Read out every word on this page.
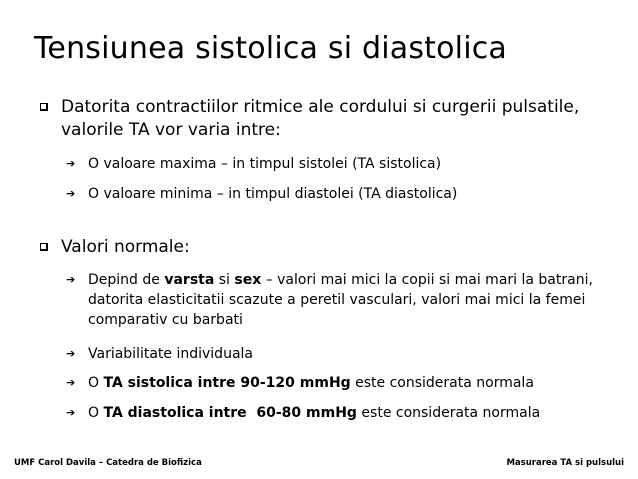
Tensiunea sistolica si diastolica
Datorita contractiilor ritmice ale cordului si curgerii pulsatile, valorile TA vor varia intre:
➔ O valoare maxima – in timpul sistolei (TA sistolica)
➔ O valoare minima – in timpul diastolei (TA diastolica)
Valori normale:
➔ Depind de varsta si sex – valori mai mici la copii si mai mari la batrani, datorita elasticitatii scazute a peretil vasculari, valori mai mici la femei comparativ cu barbati
➔ Variabilitate individuala
➔ O TA sistolica intre 90-120 mmHg este considerata normala
➔ O TA diastolica intre  60-80 mmHg este considerata normala
UMF Carol Davila – Catedra de Biofizica	Masurarea TA si pulsului
